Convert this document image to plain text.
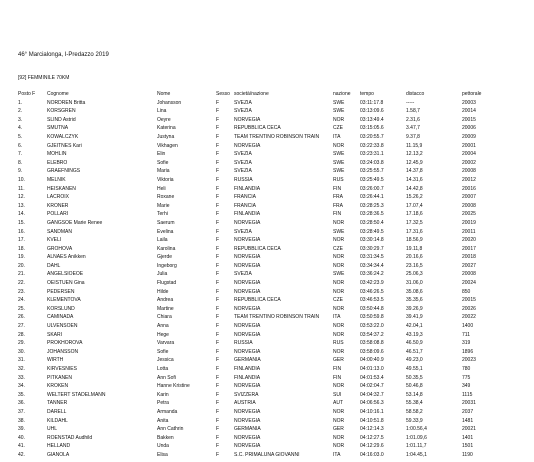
46° Marcialonga, I-Predazzo 2019
[92] FEMMINILE 70KM
Posto F	Cognome	Nome	Sesso società/nazione	nazione	tempo	distacco	pettorale
1.	NORDREN Britta	Johansson	F	SVEZIA	SWE	03:11:17.8	-----	20003
2.	KORSGREN	Lina	F	SVEZIA	SWE	03:13:09.6	1.58,7	20014
3.	SLIND Astrid	Oeyre	F	NORVEGIA	NOR	03:13:49.4	2.31,6	20015
4.	SMUTNA	Katerina	F	REPUBBLICA CECA	CZE	03:15:05.6	3.47,7	20006
5.	KOWALCZYK	Justyna	F	TEAM TRENTINO ROBINSON TRAIN	ITA	03:20:55.7	9.37,8	20009
6.	GJEITNES Kari	Vikhagen	F	NORVEGIA	NOR	03:22:33.8	11.15,9	20001
7.	MOHLIN	Elin	F	SVEZIA	SWE	03:23:31.1	12.13,2	20004
8.	ELEBRO	Sofie	F	SVEZIA	SWE	03:24:03.8	12.45,9	20002
9.	GRAEFNINGS	Maria	F	SVEZIA	SWE	03:25:55.7	14.37,8	20008
10.	MELNIK	Viktoria	F	RUSSIA	RUS	03:25:49.5	14.31,6	20012
11.	HEISKANEN	Heli	F	FINLANDIA	FIN	03:26:00.7	14.42,8	20016
12.	LACROIX	Roxane	F	FRANCIA	FRA	03:26:44.1	15.26,2	20007
13.	KRONER	Marie	F	FRANCIA	FRA	03:28:25.3	17.07,4	20008
14.	POLLARI	Terhi	F	FINLANDIA	FIN	03:28:36.5	17.18,6	20025
15.	GANGSOE Marie Renee	Saerum	F	NORVEGIA	NOR	03:28:50.4	17.32,5	20019
16.	SANDMAN	Evelina	F	SVEZIA	SWE	03:28:49.5	17.31,6	20011
17.	KVELI	Laila	F	NORVEGIA	NOR	03:30:14.8	18.56,9	20020
18.	GROHOVA	Karolina	F	REPUBBLICA CECA	CZE	03:30:29.7	19.11,8	20017
19.	ALNAES Anikken	Gjerde	F	NORVEGIA	NOR	03:31:34.5	20.16,6	20018
20.	DAHL	Ingeborg	F	NORVEGIA	NOR	03:34:34.4	23.16,5	20027
21.	ANGELSIOEOE	Julia	F	SVEZIA	SWE	03:36:24.2	25.06,3	20008
22.	OEISTUEN Gina	Flugstad	F	NORVEGIA	NOR	03:42:23.9	31.06,0	20024
23.	PEDERSEN	Hilde	F	NORVEGIA	NOR	03:46:26.5	35.08,6	850
24.	KLEMENTOVA	Andrea	F	REPUBBLICA CECA	CZE	03:46:53.5	35.35,6	20015
25.	KORSLUND	Martine	F	NORVEGIA	NOR	03:50:44.8	39.26,9	20026
26.	CAMINADA	Chiara	F	TEAM TRENTINO ROBINSON TRAIN	ITA	03:50:59.8	39.41,9	20022
27.	ULVENSOEN	Anna	F	NORVEGIA	NOR	03:53:22.0	42.04,1	1400
28.	SKARI	Hege	F	NORVEGIA	NOR	03:54:37.2	43.19,3	711
29.	PROKHOROVA	Varvara	F	RUSSIA	RUS	03:58:08.8	46.50,9	319
30.	JOHANSSON	Sofie	F	NORVEGIA	NOR	03:58:09.6	46.51,7	1896
31.	WIRTH	Jessica	F	GERMANIA	GER	04:00:40.9	49.23,0	20023
32.	KIRVESNIES	Lotta	F	FINLANDIA	FIN	04:01:13.0	49.55,1	780
33.	PITKANEN	Ann Sofi	F	FINLANDIA	FIN	04:01:53.4	50.35,5	775
34.	KROKEN	Hanne Kristine	F	NORVEGIA	NOR	04:02:04.7	50.46,8	349
35.	WELTERT STADELMANN	Karin	F	SVIZZERA	SUI	04:04:32.7	53.14,8	1115
36.	TANNER	Petra	F	AUSTRIA	AUT	04:06:56.3	55.38,4	20031
37.	DARELL	Armanda	F	NORVEGIA	NOR	04:10:16.1	58.58,2	2037
38.	KILDAHL	Anita	F	NORVEGIA	NOR	04:10:51.8	59.33,9	1481
39.	UHL	Ann Cathrin	F	GERMANIA	GER	04:12:14.3	1:00.56,4	20021
40.	ROENSTAD Audhild	Bakken	F	NORVEGIA	NOR	04:12:27.5	1:01.09,6	1401
41.	HELLAND	Unda	F	NORVEGIA	NOR	04:12:29.6	1:01.11,7	1501
42.	GIANOLA	Elisa	F	S.C. PRIMALUNA GIOVANNI	ITA	04:16:03.0	1:04.45,1	1190
